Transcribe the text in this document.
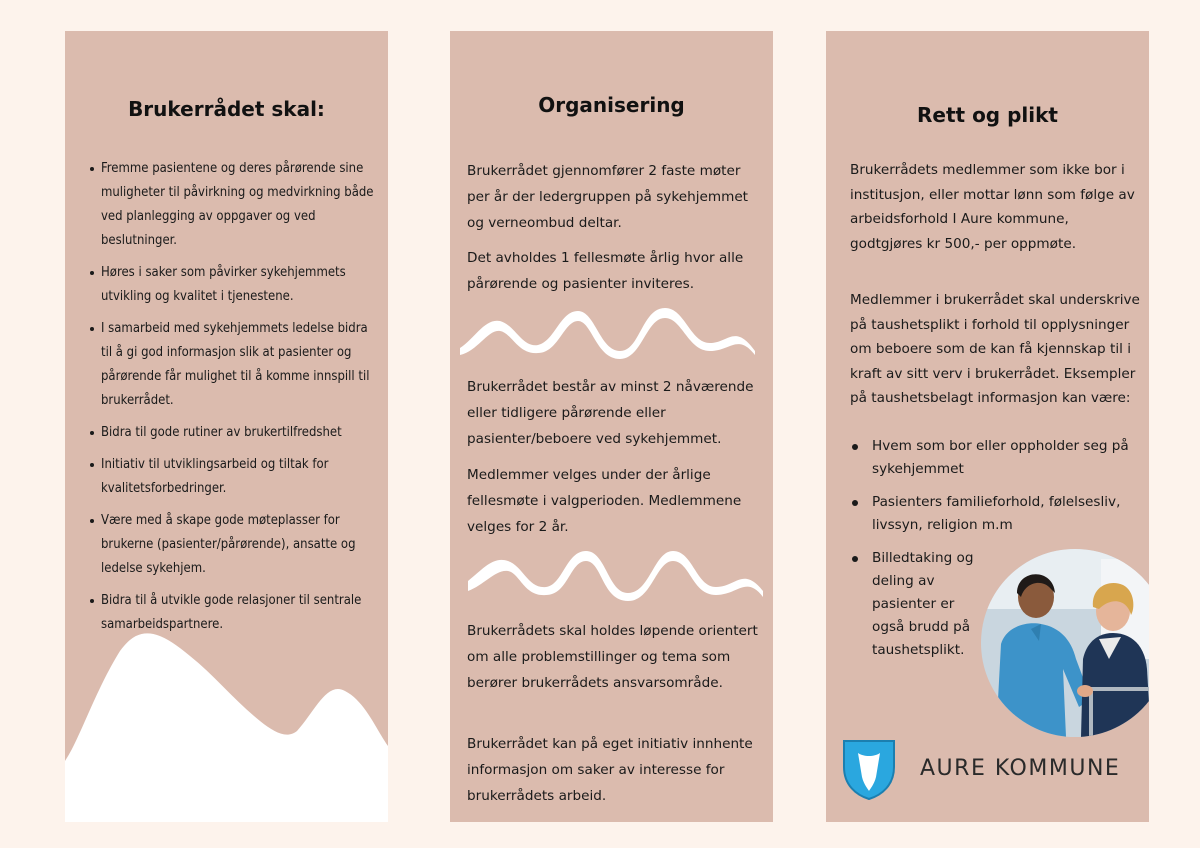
Brukerrådet skal:
Fremme pasientene og deres pårørende sine muligheter til påvirkning og medvirkning både ved planlegging av oppgaver og ved beslutninger.
Høres i saker som påvirker sykehjemmets utvikling og kvalitet i tjenestene.
I samarbeid med sykehjemmets ledelse bidra til å gi god informasjon slik at pasienter og pårørende får mulighet til å komme innspill til brukerrådet.
Bidra til gode rutiner av brukertilfredshet
Initiativ til utviklingsarbeid og tiltak for kvalitetsforbedringer.
Være med å skape gode møteplasser for brukerne (pasienter/pårørende), ansatte og ledelse sykehjem.
Bidra til å utvikle gode relasjoner til sentrale samarbeidspartnere.
VILL
VAKKER
OG VENNLIG
Organisering

Brukerrådet gjennomfører 2 faste møter per år der ledergruppen på sykehjemmet og verneombud deltar.

Det avholdes 1 fellesmøte årlig hvor alle pårørende og pasienter inviteres.

Brukerrådet består av minst 2 nåværende eller tidligere pårørende eller pasienter/beboere ved sykehjemmet.

Medlemmer velges under der årlige fellesmøte i valgperioden. Medlemmene velges for 2 år.

Brukerrådets skal holdes løpende orientert om alle problemstillinger og tema som berører brukerrådets ansvarsområde.

Brukerrådet kan på eget initiativ innhente informasjon om saker av interesse for brukerrådets arbeid.

Rett og plikt

Brukerrådets medlemmer som ikke bor i institusjon, eller mottar lønn som følge av arbeidsforhold I Aure kommune, godtgjøres kr 500,- per oppmøte.

Medlemmer i brukerrådet skal underskrive på taushetsplikt i forhold til opplysninger om beboere som de kan få kjennskap til i kraft av sitt verv i brukerrådet. Eksempler på taushetsbelagt informasjon kan være:

Hvem som bor eller oppholder seg på sykehjemmet
Pasienters familieforhold, følelsesliv, livssyn, religion m.m
Billedtaking og deling av pasienter er også brudd på taushetsplikt.
AURE KOMMUNE
